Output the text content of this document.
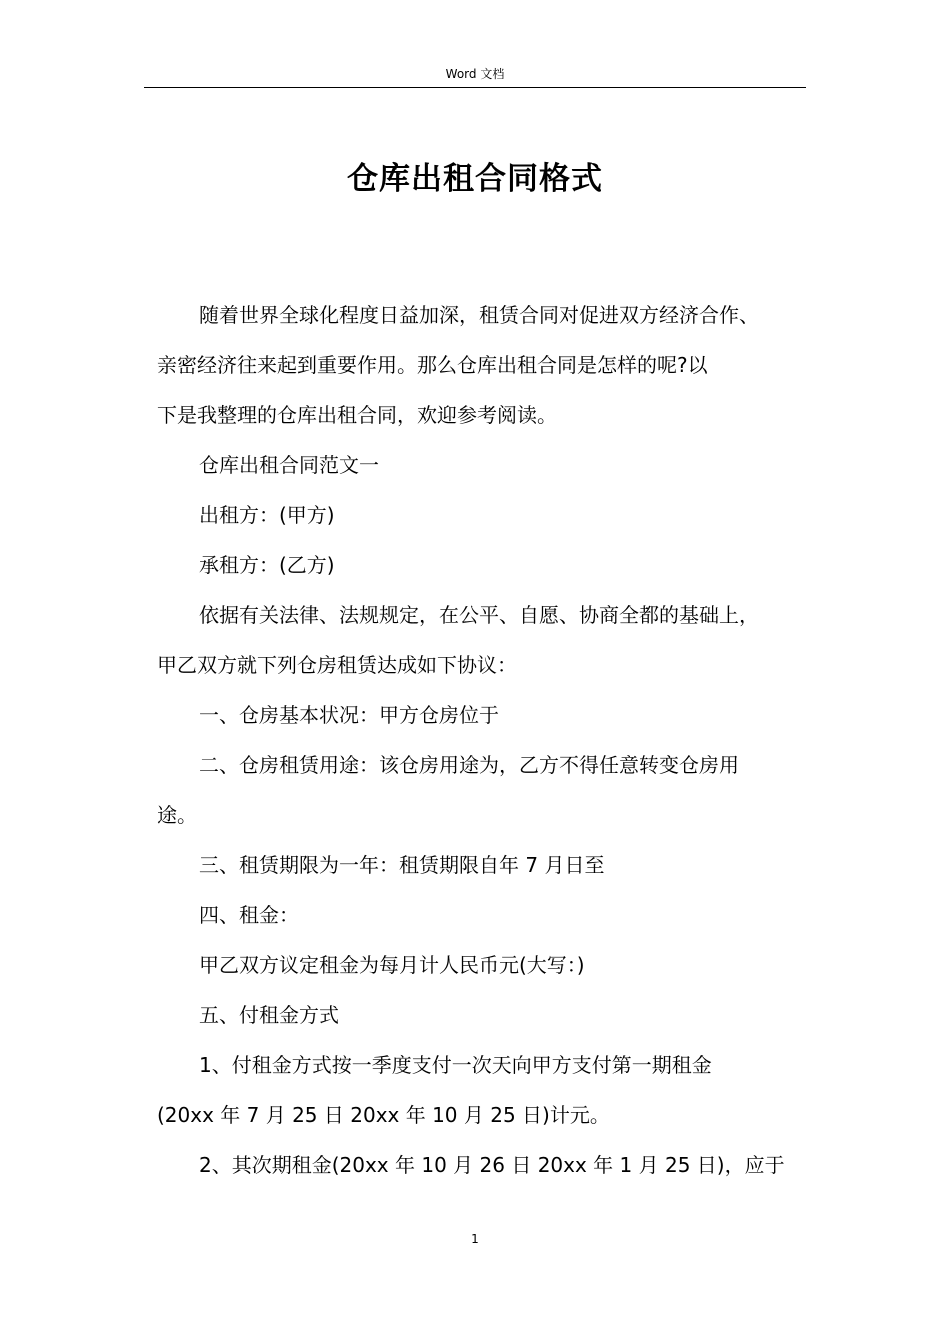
Word 文档
仓库出租合同格式

随着世界全球化程度日益加深，租赁合同对促进双方经济合作、
亲密经济往来起到重要作用。那么仓库出租合同是怎样的呢?以
下是我整理的仓库出租合同，欢迎参考阅读。

仓库出租合同范文一

出租方：(甲方)

承租方：(乙方)

依据有关法律、法规规定，在公平、自愿、协商全都的基础上，
甲乙双方就下列仓房租赁达成如下协议：

一、仓房基本状况：甲方仓房位于

二、仓房租赁用途：该仓房用途为，乙方不得任意转变仓房用
途。

三、租赁期限为一年：租赁期限自年 7 月日至

四、租金：

甲乙双方议定租金为每月计人民币元(大写：)

五、付租金方式

1、付租金方式按一季度支付一次天向甲方支付第一期租金
(20xx 年 7 月 25 日 20xx 年 10 月 25 日)计元。

2、其次期租金(20xx 年 10 月 26 日 20xx 年 1 月 25 日)，应于

1
